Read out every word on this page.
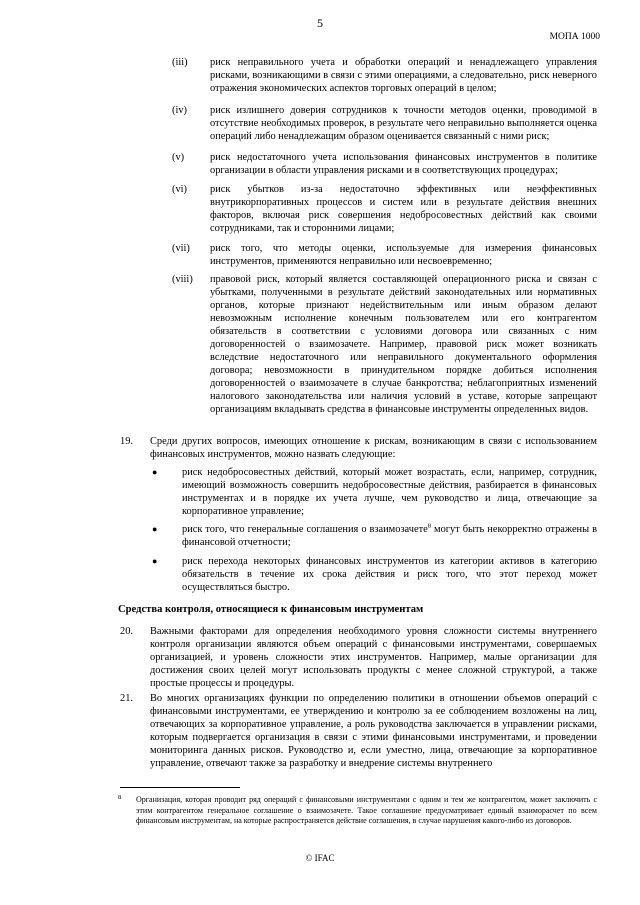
5
МОПА 1000
(iii)	риск неправильного учета и обработки операций и ненадлежащего управления рисками, возникающими в связи с этими операциями, а следовательно, риск неверного отражения экономических аспектов торговых операций в целом;
(iv)	риск излишнего доверия сотрудников к точности методов оценки, проводимой в отсутствие необходимых проверок, в результате чего неправильно выполняется оценка операций либо ненадлежащим образом оценивается связанный с ними риск;
(v)	риск недостаточного учета использования финансовых инструментов в политике организации в области управления рисками и в соответствующих процедурах;
(vi)	риск убытков из-за недостаточно эффективных или неэффективных внутрикорпоративных процессов и систем или в результате действия внешних факторов, включая риск совершения недобросовестных действий как своими сотрудниками, так и сторонними лицами;
(vii)	риск того, что методы оценки, используемые для измерения финансовых инструментов, применяются неправильно или несвоевременно;
(viii)	правовой риск, который является составляющей операционного риска и связан с убытками, полученными в результате действий законодательных или нормативных органов, которые признают недействительным или иным образом делают невозможным исполнение конечным пользователем или его контрагентом обязательств в соответствии с условиями договора или связанных с ним договоренностей о взаимозачете. Например, правовой риск может возникать вследствие недостаточного или неправильного документального оформления договора; невозможности в принудительном порядке добиться исполнения договоренностей о взаимозачете в случае банкротства; неблагоприятных изменений налогового законодательства или наличия условий в уставе, которые запрещают организациям вкладывать средства в финансовые инструменты определенных видов.
19. Среди других вопросов, имеющих отношение к рискам, возникающим в связи с использованием финансовых инструментов, можно назвать следующие:
● риск недобросовестных действий, который может возрастать, если, например, сотрудник, имеющий возможность совершить недобросовестные действия, разбирается в финансовых инструментах и в порядке их учета лучше, чем руководство и лица, отвечающие за корпоративное управление;
● риск того, что генеральные соглашения о взаимозачете$^8$ могут быть некорректно отражены в финансовой отчетности;
● риск перехода некоторых финансовых инструментов из категории активов в категорию обязательств в течение их срока действия и риск того, что этот переход может осуществляться быстро.
Средства контроля, относящиеся к финансовым инструментам
20. Важными факторами для определения необходимого уровня сложности системы внутреннего контроля организации являются объем операций с финансовыми инструментами, совершаемых организацией, и уровень сложности этих инструментов. Например, малые организации для достижения своих целей могут использовать продукты с менее сложной структурой, а также простые процессы и процедуры.
21. Во многих организациях функции по определению политики в отношении объемов операций с финансовыми инструментами, ее утверждению и контролю за ее соблюдением возложены на лиц, отвечающих за корпоративное управление, а роль руководства заключается в управлении рисками, которым подвергается организация в связи с этими финансовыми инструментами, и проведении мониторинга данных рисков. Руководство и, если уместно, лица, отвечающие за корпоративное управление, отвечают также за разработку и внедрение системы внутреннего
8 Организация, которая проводит ряд операций с финансовыми инструментами с одним и тем же контрагентом, может заключить с этим контрагентом генеральное соглашение о взаимозачете. Такое соглашение предусматривает единый взаиморасчет по всем финансовым инструментам, на которые распространяется действие соглашения, в случае нарушения какого-либо из договоров.
© IFAC
